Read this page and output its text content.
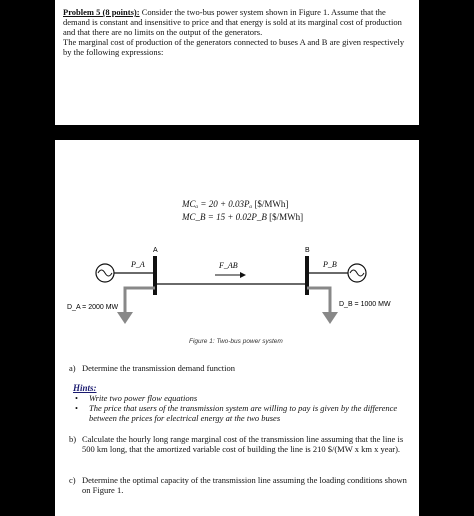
Problem 5 (8 points): Consider the two-bus power system shown in Figure 1. Assume that the demand is constant and insensitive to price and that energy is sold at its marginal cost of production and that there are no limits on the output of the generators.
The marginal cost of production of the generators connected to buses A and B are given respectively by the following expressions:
MCₐ = 20 + 0.03Pₐ [$/MWh]
MC_B = 15 + 0.02P_B [$/MWh]
P_A
A
F_AB
B
P_B
D_A = 2000 MW	D_B = 1000 MW
Figure 1: Two-bus power system
a) Determine the transmission demand function
Hints:
• Write two power flow equations
• The price that users of the transmission system are willing to pay is given by the difference between the prices for electrical energy at the two buses
b) Calculate the hourly long range marginal cost of the transmission line assuming that the line is 500 km long, that the amortized variable cost of building the line is 210 $/(MW x km x year).
c) Determine the optimal capacity of the transmission line assuming the loading conditions shown on Figure 1.
